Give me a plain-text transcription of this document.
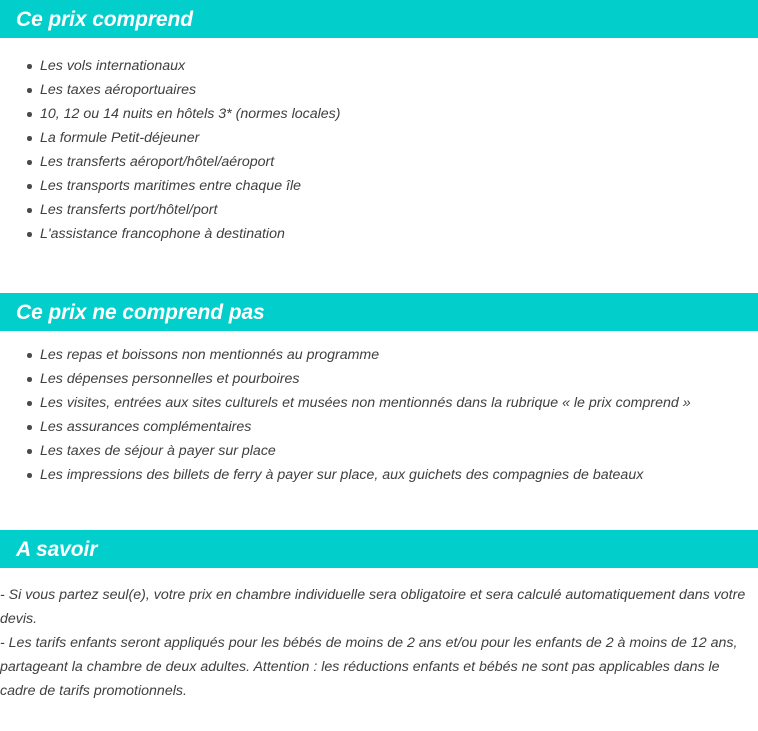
Ce prix comprend
Les vols internationaux
Les taxes aéroportuaires
10, 12 ou 14 nuits en hôtels 3* (normes locales)
La formule Petit-déjeuner
Les transferts aéroport/hôtel/aéroport
Les transports maritimes entre chaque île
Les transferts port/hôtel/port
L'assistance francophone à destination
Ce prix ne comprend pas
Les repas et boissons non mentionnés au programme
Les dépenses personnelles et pourboires
Les visites, entrées aux sites culturels et musées non mentionnés dans la rubrique « le prix comprend »
Les assurances complémentaires
Les taxes de séjour à payer sur place
Les impressions des billets de ferry à payer sur place, aux guichets des compagnies de bateaux
A savoir

- Si vous partez seul(e), votre prix en chambre individuelle sera obligatoire et sera calculé automatiquement dans votre devis.

- Les tarifs enfants seront appliqués pour les bébés de moins de 2 ans et/ou pour les enfants de 2 à moins de 12 ans, partageant la chambre de deux adultes. Attention : les réductions enfants et bébés ne sont pas applicables dans le cadre de tarifs promotionnels.
